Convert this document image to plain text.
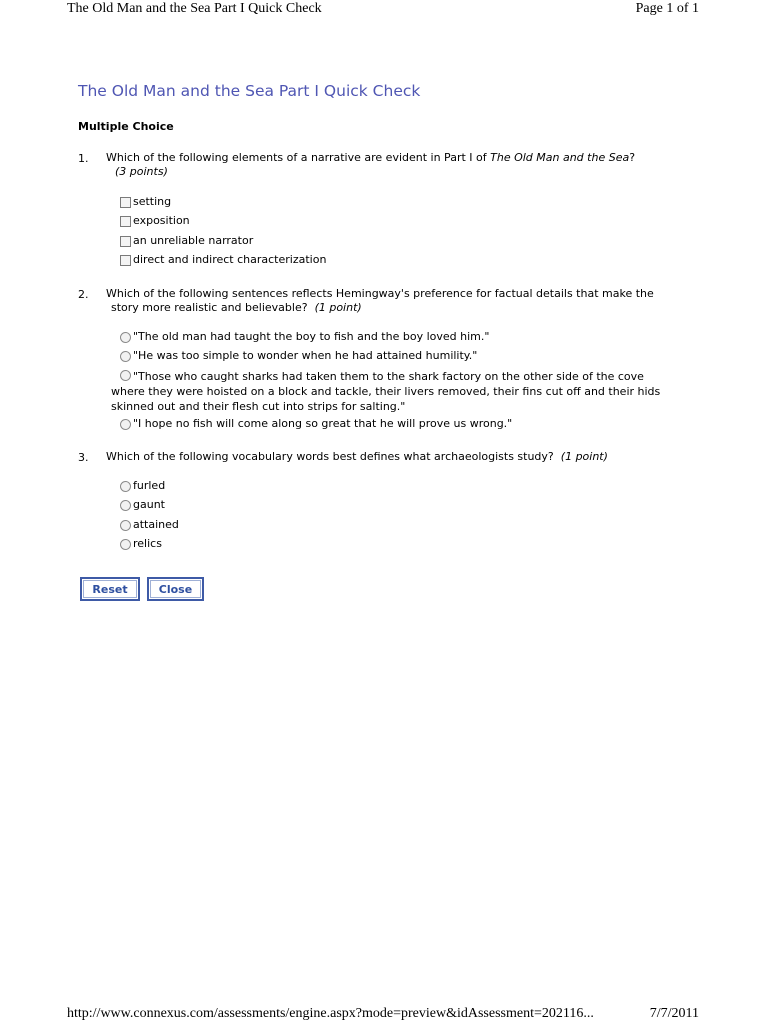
The Old Man and the Sea Part I Quick Check	Page 1 of 1
The Old Man and the Sea Part I Quick Check
Multiple Choice
1. Which of the following elements of a narrative are evident in Part I of The Old Man and the Sea?
(3 points)
setting
exposition
an unreliable narrator
direct and indirect characterization
2. Which of the following sentences reflects Hemingway's preference for factual details that make the
story more realistic and believable? (1 point)
"The old man had taught the boy to fish and the boy loved him."
"He was too simple to wonder when he had attained humility."
"Those who caught sharks had taken them to the shark factory on the other side of the cove
where they were hoisted on a block and tackle, their livers removed, their fins cut off and their hids
skinned out and their flesh cut into strips for salting."
"I hope no fish will come along so great that he will prove us wrong."
3. Which of the following vocabulary words best defines what archaeologists study? (1 point)
furled
gaunt
attained
relics
Reset	Close
http://www.connexus.com/assessments/engine.aspx?mode=preview&idAssessment=202116...	7/7/2011
